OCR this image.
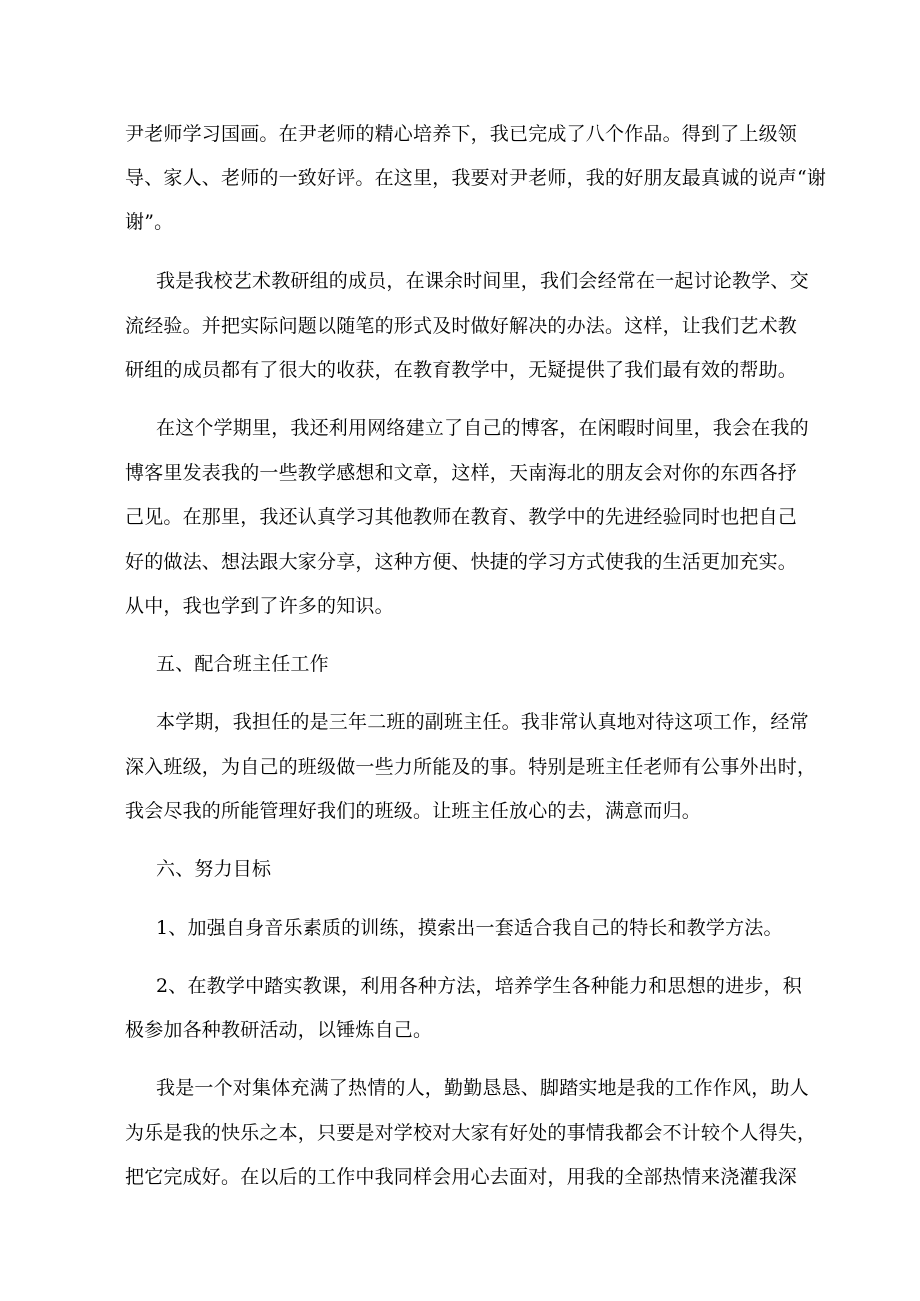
尹老师学习国画。在尹老师的精心培养下，我已完成了八个作品。得到了上级领
导、家人、老师的一致好评。在这里，我要对尹老师，我的好朋友最真诚的说声“谢
谢”。
我是我校艺术教研组的成员，在课余时间里，我们会经常在一起讨论教学、交
流经验。并把实际问题以随笔的形式及时做好解决的办法。这样，让我们艺术教
研组的成员都有了很大的收获，在教育教学中，无疑提供了我们最有效的帮助。
在这个学期里，我还利用网络建立了自己的博客，在闲暇时间里，我会在我的
博客里发表我的一些教学感想和文章，这样，天南海北的朋友会对你的东西各抒
己见。在那里，我还认真学习其他教师在教育、教学中的先进经验同时也把自己
好的做法、想法跟大家分享，这种方便、快捷的学习方式使我的生活更加充实。
从中，我也学到了许多的知识。
五、配合班主任工作
本学期，我担任的是三年二班的副班主任。我非常认真地对待这项工作，经常
深入班级，为自己的班级做一些力所能及的事。特别是班主任老师有公事外出时，
我会尽我的所能管理好我们的班级。让班主任放心的去，满意而归。
六、努力目标
1、加强自身音乐素质的训练，摸索出一套适合我自己的特长和教学方法。
2、在教学中踏实教课，利用各种方法，培养学生各种能力和思想的进步，积
极参加各种教研活动，以锤炼自己。
我是一个对集体充满了热情的人，勤勤恳恳、脚踏实地是我的工作作风，助人
为乐是我的快乐之本，只要是对学校对大家有好处的事情我都会不计较个人得失，
把它完成好。在以后的工作中我同样会用心去面对，用我的全部热情来浇灌我深
